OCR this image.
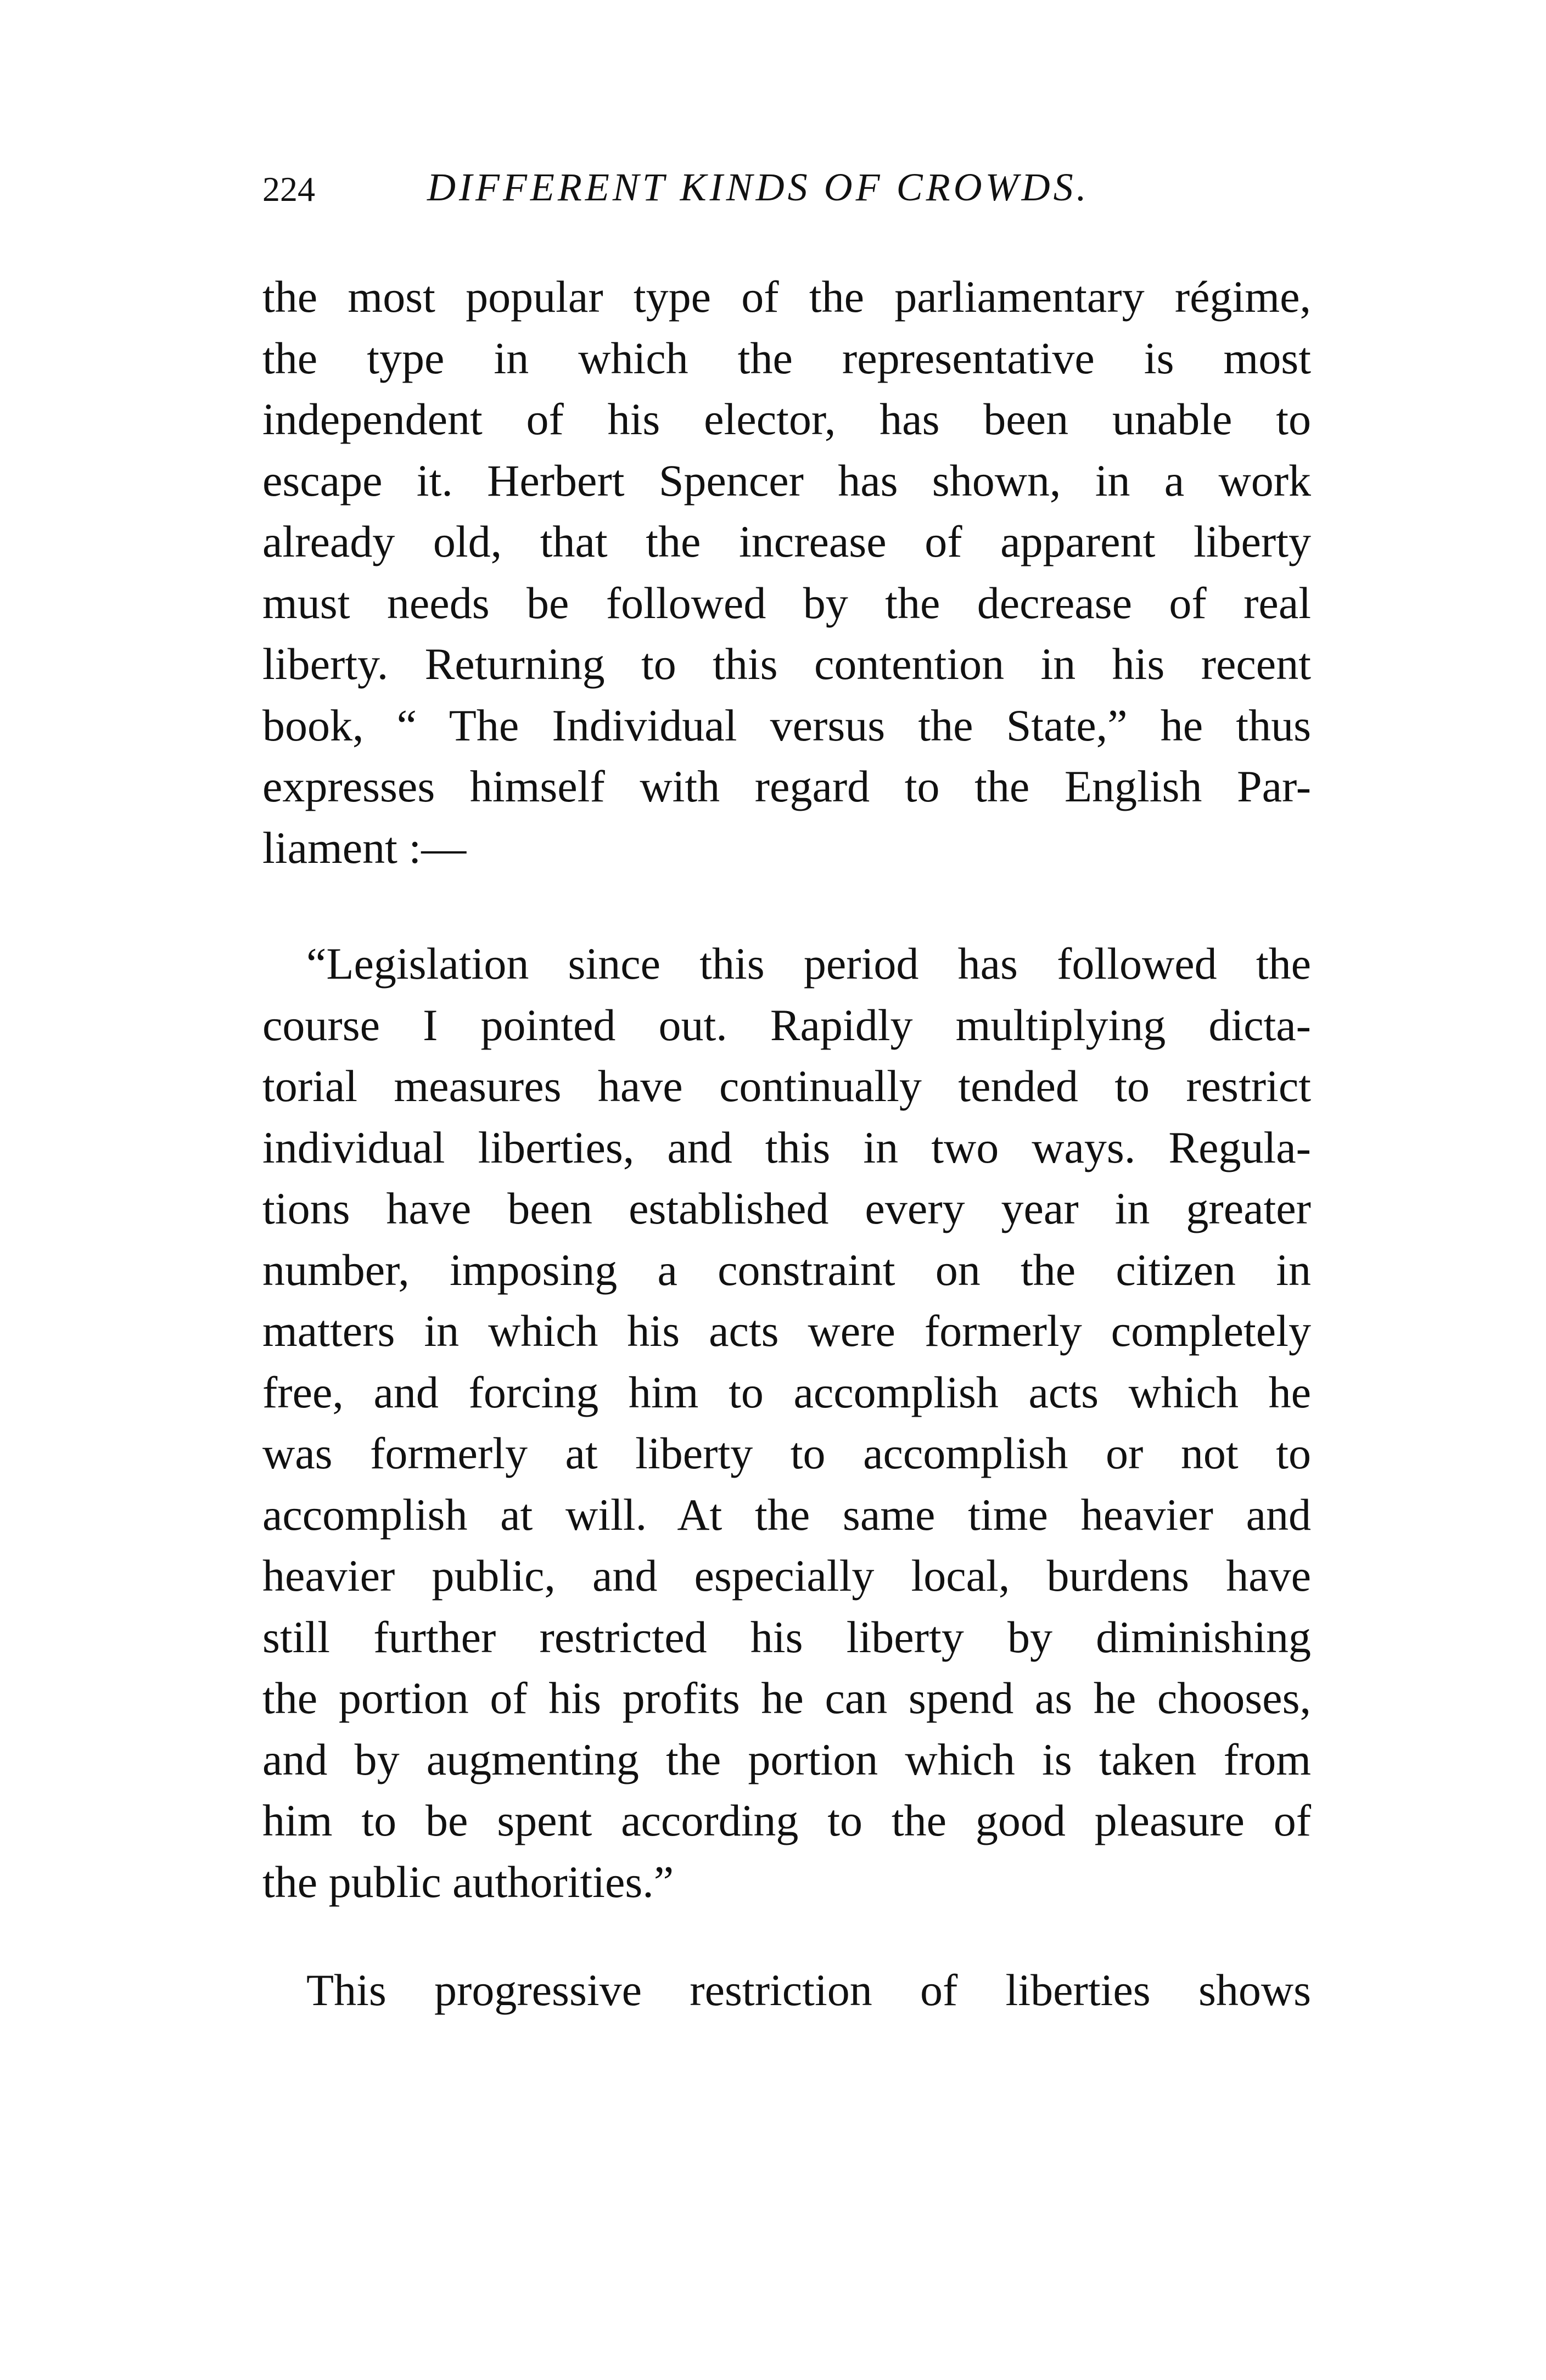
224	DIFFERENT KINDS OF CROWDS.
the most popular type of the parliamentary régime,
the type in which the representative is most
independent of his elector, has been unable to
escape it. Herbert Spencer has shown, in a work
already old, that the increase of apparent liberty
must needs be followed by the decrease of real
liberty. Returning to this contention in his recent
book, “ The Individual versus the State,” he thus
expresses himself with regard to the English Par-
liament :—
“Legislation since this period has followed the
course I pointed out. Rapidly multiplying dicta-
torial measures have continually tended to restrict
individual liberties, and this in two ways. Regula-
tions have been established every year in greater
number, imposing a constraint on the citizen in
matters in which his acts were formerly completely
free, and forcing him to accomplish acts which he
was formerly at liberty to accomplish or not to
accomplish at will. At the same time heavier and
heavier public, and especially local, burdens have
still further restricted his liberty by diminishing
the portion of his profits he can spend as he chooses,
and by augmenting the portion which is taken from
him to be spent according to the good pleasure of
the public authorities.”
This progressive restriction of liberties shows
